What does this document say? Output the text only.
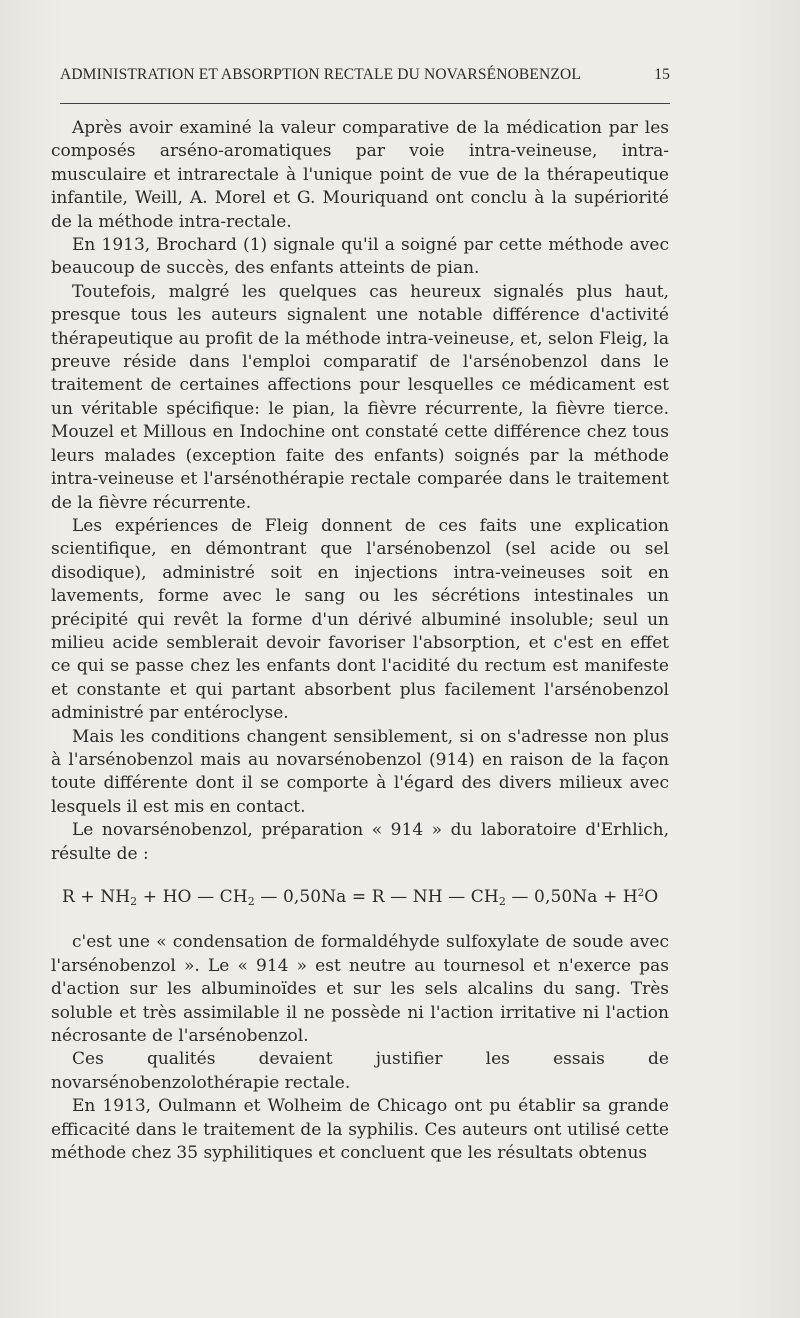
ADMINISTRATION ET ABSORPTION RECTALE DU NOVARSÉNOBENZOL	15

Après avoir examiné la valeur comparative de la médication par les composés arséno-aromatiques par voie intra-veineuse, intra-musculaire et intrarectale à l'unique point de vue de la thérapeutique infantile, Weill, A. Morel et G. Mouriquand ont conclu à la supériorité de la méthode intra-rectale.

En 1913, Brochard (1) signale qu'il a soigné par cette méthode avec beaucoup de succès, des enfants atteints de pian.

Toutefois, malgré les quelques cas heureux signalés plus haut, presque tous les auteurs signalent une notable différence d'activité thérapeutique au profit de la méthode intra-veineuse, et, selon Fleig, la preuve réside dans l'emploi comparatif de l'arsénobenzol dans le traitement de certaines affections pour lesquelles ce médicament est un véritable spécifique: le pian, la fièvre récurrente, la fièvre tierce. Mouzel et Millous en Indochine ont constaté cette différence chez tous leurs malades (exception faite des enfants) soignés par la méthode intra-veineuse et l'arsénothérapie rectale comparée dans le traitement de la fièvre récurrente.

Les expériences de Fleig donnent de ces faits une explication scientifique, en démontrant que l'arsénobenzol (sel acide ou sel disodique), administré soit en injections intra-veineuses soit en lavements, forme avec le sang ou les sécrétions intestinales un précipité qui revêt la forme d'un dérivé albuminé insoluble; seul un milieu acide semblerait devoir favoriser l'absorption, et c'est en effet ce qui se passe chez les enfants dont l'acidité du rectum est manifeste et constante et qui partant absorbent plus facilement l'arsénobenzol administré par entéroclyse.

Mais les conditions changent sensiblement, si on s'adresse non plus à l'arsénobenzol mais au novarsénobenzol (914) en raison de la façon toute différente dont il se comporte à l'égard des divers milieux avec lesquels il est mis en contact.

Le novarsénobenzol, préparation « 914 » du laboratoire d'Erhlich, résulte de :

$R + NH_2$ + HO — $CH_2$ — 0,50Na = R — NH — $CH_2$ — $0,50Na + H^2O$

c'est une « condensation de formaldéhyde sulfoxylate de soude avec l'arsénobenzol ». Le « 914 » est neutre au tournesol et n'exerce pas d'action sur les albuminoïdes et sur les sels alcalins du sang. Très soluble et très assimilable il ne possède ni l'action irritative ni l'action nécrosante de l'arsénobenzol.

Ces qualités devaient justifier les essais de novarsénobenzolothérapie rectale.

En 1913, Oulmann et Wolheim de Chicago ont pu établir sa grande efficacité dans le traitement de la syphilis. Ces auteurs ont utilisé cette méthode chez 35 syphilitiques et concluent que les résultats obtenus
